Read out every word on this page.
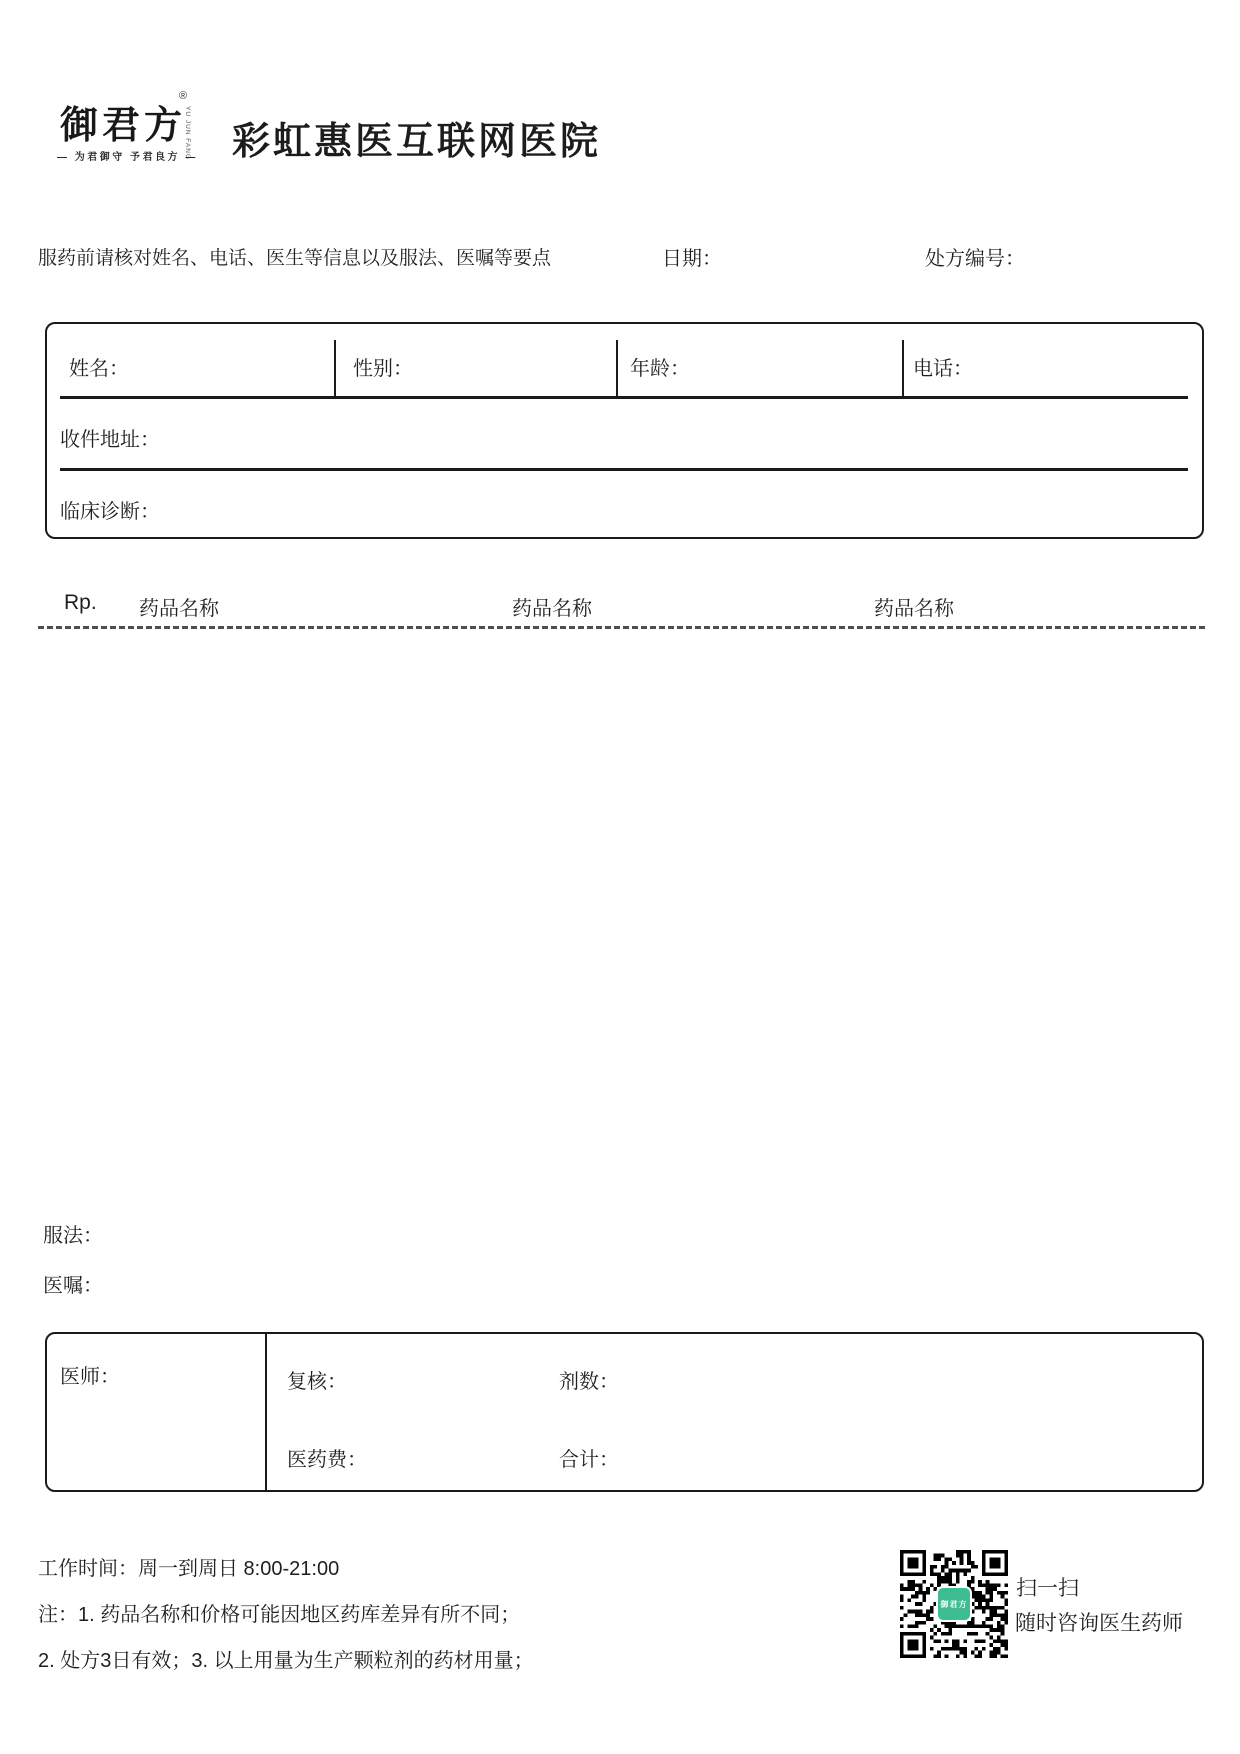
御君方
®
YU JUN FANG
— 为君御守 予君良方 — 彩虹惠医互联网医院
服药前请核对姓名、电话、医生等信息以及服法、医嘱等要点	日期：	处方编号：
姓名：	性别：	年龄：	电话：
收件地址：
临床诊断：
Rp. 药品名称	药品名称	药品名称
服法：
医嘱：
医师：	复核：	剂数：
医药费：	合计：
工作时间：周一到周日 8:00-21:00
注：1. 药品名称和价格可能因地区药库差异有所不同；
2. 处方3日有效；3. 以上用量为生产颗粒剂的药材用量；
御君方
扫一扫
随时咨询医生药师
